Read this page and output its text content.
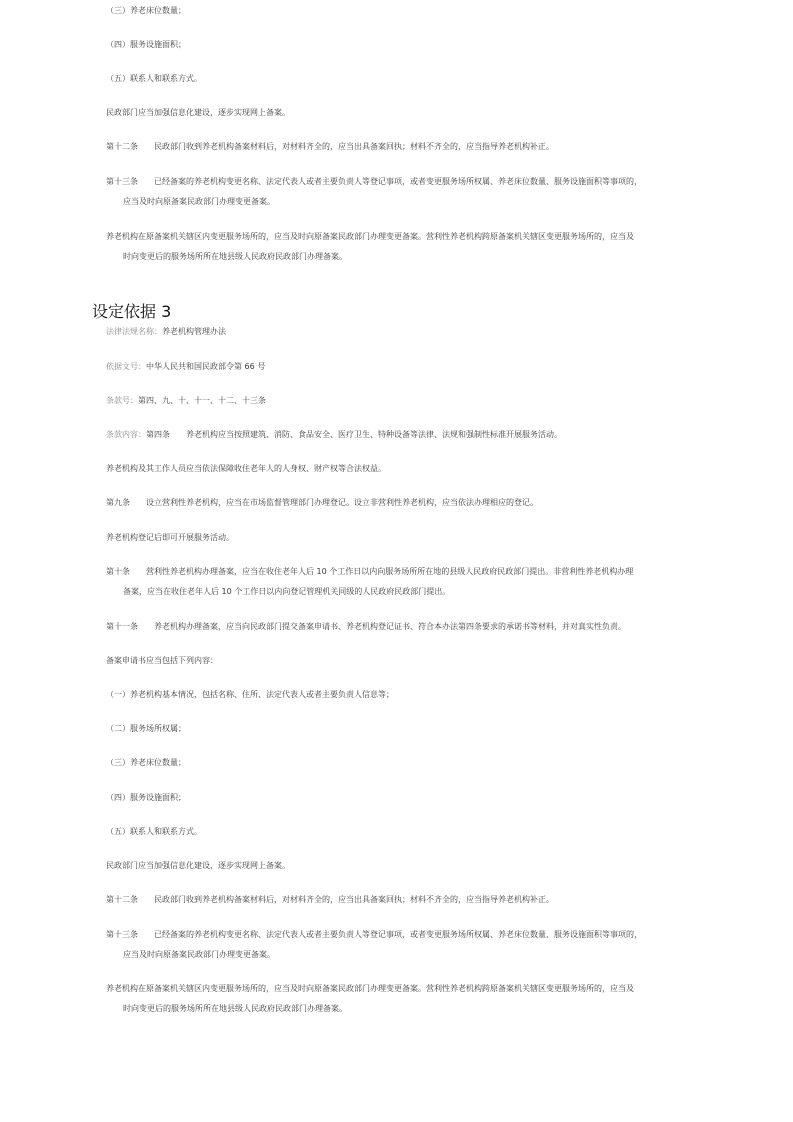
（三）养老床位数量；
（四）服务设施面积；
（五）联系人和联系方式。
民政部门应当加强信息化建设，逐步实现网上备案。
第十二条 民政部门收到养老机构备案材料后，对材料齐全的，应当出具备案回执；材料不齐全的，应当指导养老机构补正。
第十三条 已经备案的养老机构变更名称、法定代表人或者主要负责人等登记事项，或者变更服务场所权属、养老床位数量、服务设施面积等事项的，
应当及时向原备案民政部门办理变更备案。
养老机构在原备案机关辖区内变更服务场所的，应当及时向原备案民政部门办理变更备案。营利性养老机构跨原备案机关辖区变更服务场所的，应当及
时向变更后的服务场所所在地县级人民政府民政部门办理备案。
设定依据 3
法律法规名称：养老机构管理办法
依据文号：中华人民共和国民政部令第 66 号
条款号：第四、九、十、十一、十二、十三条
条款内容：第四条 养老机构应当按照建筑、消防、食品安全、医疗卫生、特种设备等法律、法规和强制性标准开展服务活动。
养老机构及其工作人员应当依法保障收住老年人的人身权、财产权等合法权益。
第九条 设立营利性养老机构，应当在市场监督管理部门办理登记。设立非营利性养老机构，应当依法办理相应的登记。
养老机构登记后即可开展服务活动。
第十条 营利性养老机构办理备案，应当在收住老年人后 10 个工作日以内向服务场所所在地的县级人民政府民政部门提出。非营利性养老机构办理
备案，应当在收住老年人后 10 个工作日以内向登记管理机关同级的人民政府民政部门提出。
第十一条 养老机构办理备案，应当向民政部门提交备案申请书、养老机构登记证书、符合本办法第四条要求的承诺书等材料，并对真实性负责。
备案申请书应当包括下列内容：
（一）养老机构基本情况，包括名称、住所、法定代表人或者主要负责人信息等；
（二）服务场所权属；
（三）养老床位数量；
（四）服务设施面积；
（五）联系人和联系方式。
民政部门应当加强信息化建设，逐步实现网上备案。
第十二条 民政部门收到养老机构备案材料后，对材料齐全的，应当出具备案回执；材料不齐全的，应当指导养老机构补正。
第十三条 已经备案的养老机构变更名称、法定代表人或者主要负责人等登记事项，或者变更服务场所权属、养老床位数量、服务设施面积等事项的，
应当及时向原备案民政部门办理变更备案。
养老机构在原备案机关辖区内变更服务场所的，应当及时向原备案民政部门办理变更备案。营利性养老机构跨原备案机关辖区变更服务场所的，应当及
时向变更后的服务场所所在地县级人民政府民政部门办理备案。
